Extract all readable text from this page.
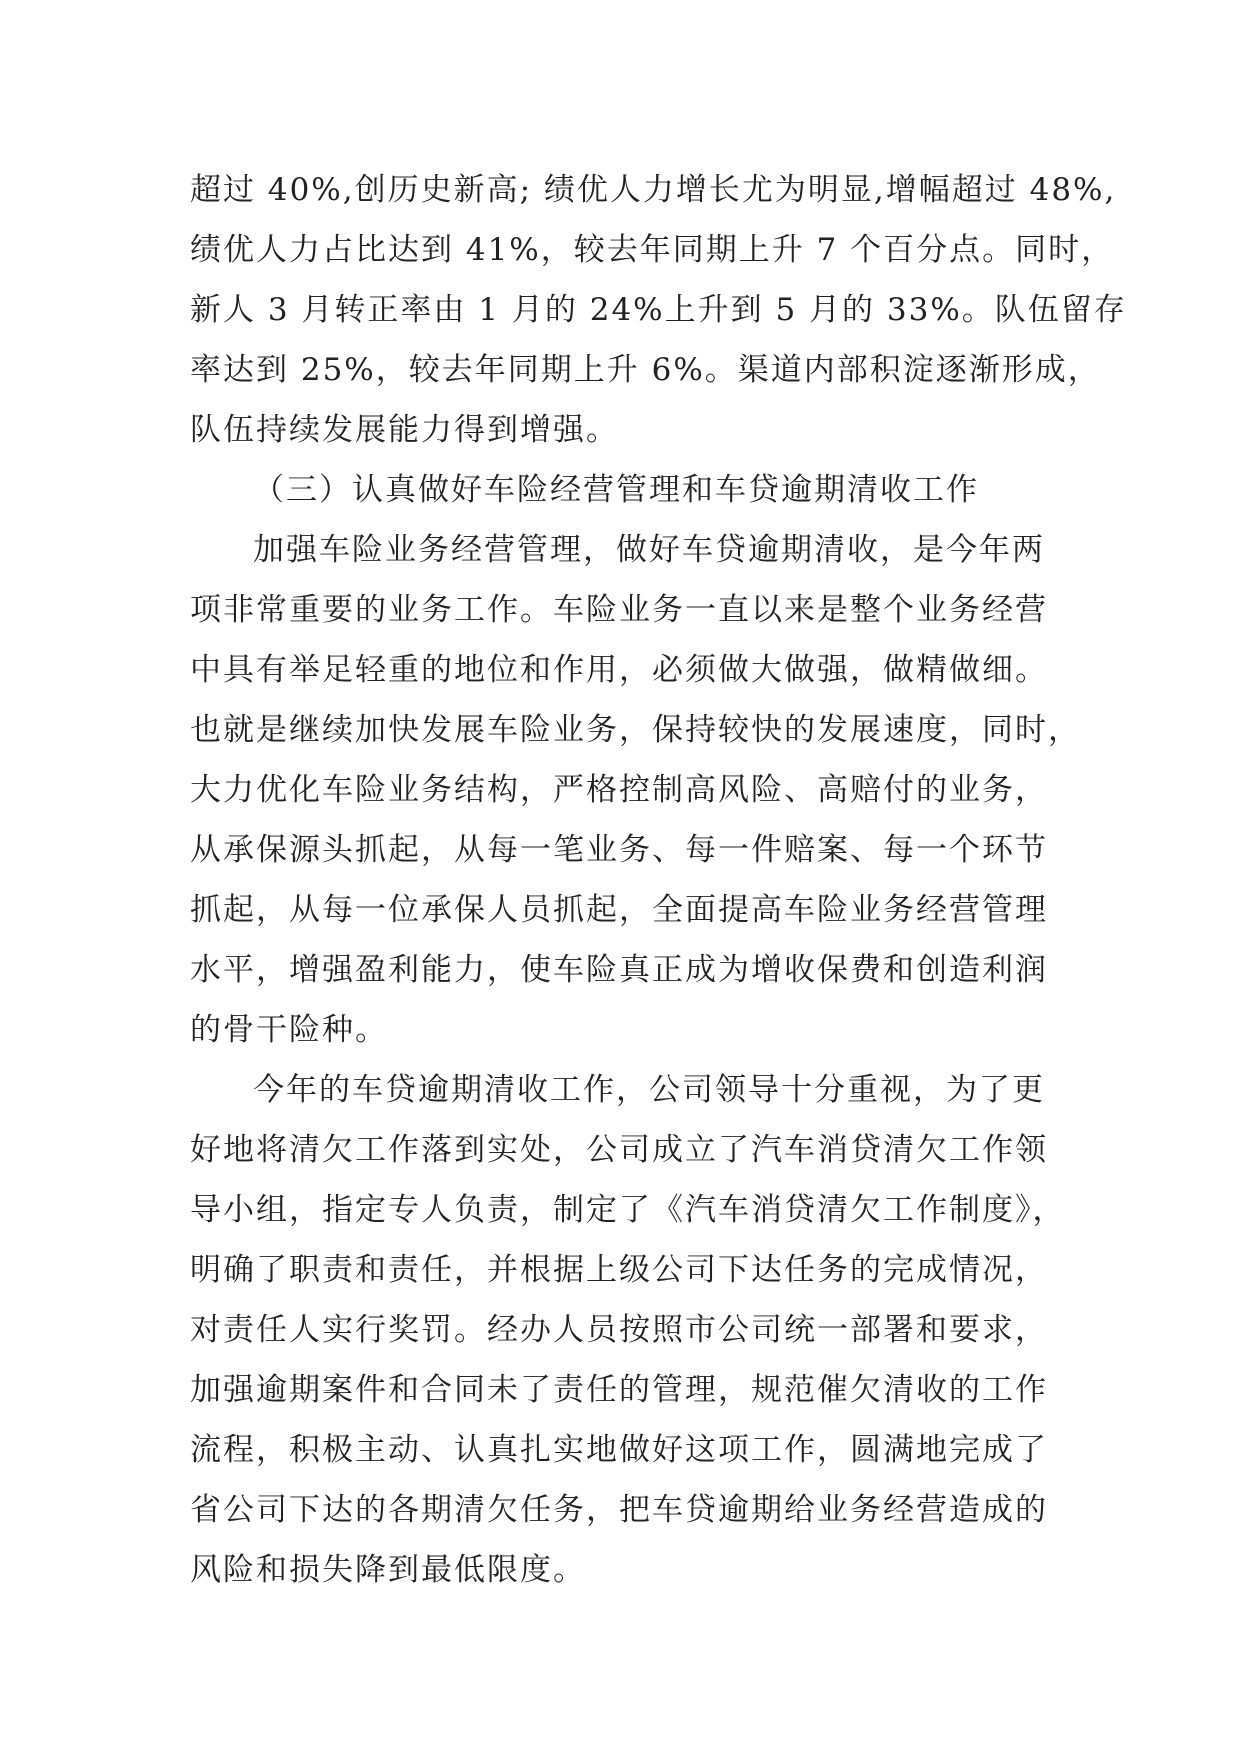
超过 40%,创历史新高; 绩优人力增长尤为明显,增幅超过 48%,
绩优人力占比达到 41%，较去年同期上升 7 个百分点。同时，
新人 3 月转正率由 1 月的 24%上升到 5 月的 33%。队伍留存
率达到 25%，较去年同期上升 6%。渠道内部积淀逐渐形成，
队伍持续发展能力得到增强。
（三）认真做好车险经营管理和车贷逾期清收工作
加强车险业务经营管理，做好车贷逾期清收，是今年两
项非常重要的业务工作。车险业务一直以来是整个业务经营
中具有举足轻重的地位和作用，必须做大做强，做精做细。
也就是继续加快发展车险业务，保持较快的发展速度，同时，
大力优化车险业务结构，严格控制高风险、高赔付的业务，
从承保源头抓起，从每一笔业务、每一件赔案、每一个环节
抓起，从每一位承保人员抓起，全面提高车险业务经营管理
水平，增强盈利能力，使车险真正成为增收保费和创造利润
的骨干险种。
今年的车贷逾期清收工作，公司领导十分重视，为了更
好地将清欠工作落到实处，公司成立了汽车消贷清欠工作领
导小组，指定专人负责，制定了《汽车消贷清欠工作制度》，
明确了职责和责任，并根据上级公司下达任务的完成情况，
对责任人实行奖罚。经办人员按照市公司统一部署和要求，
加强逾期案件和合同未了责任的管理，规范催欠清收的工作
流程，积极主动、认真扎实地做好这项工作，圆满地完成了
省公司下达的各期清欠任务，把车贷逾期给业务经营造成的
风险和损失降到最低限度。
